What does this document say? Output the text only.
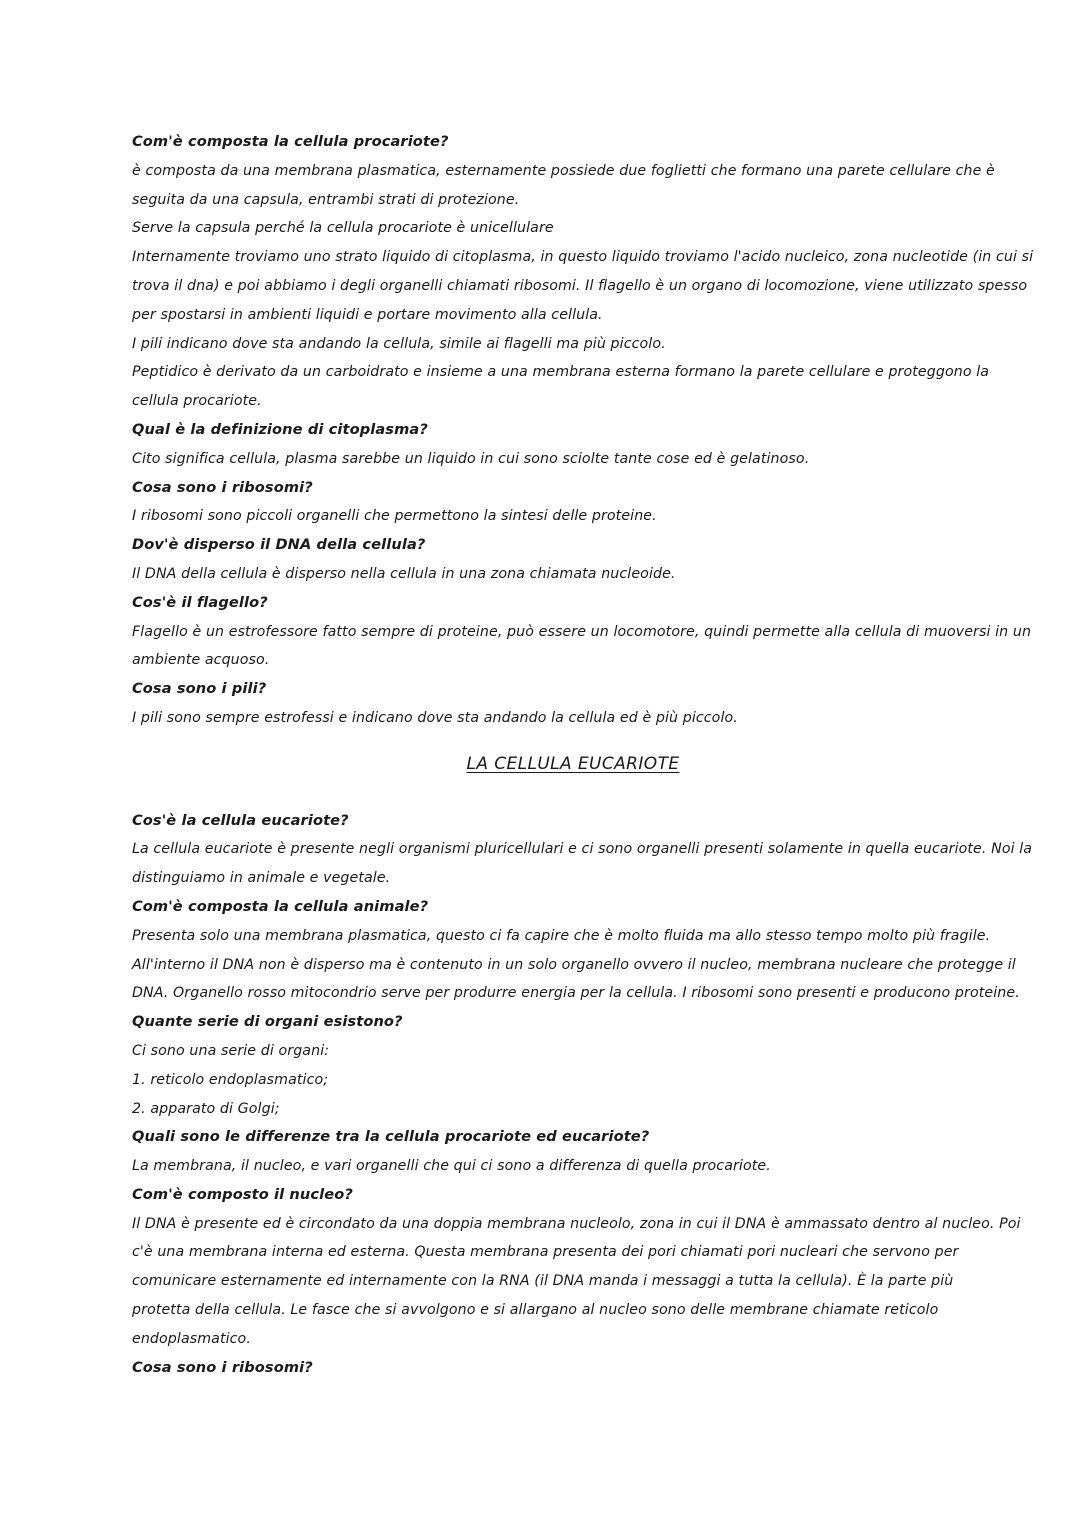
Com'è composta la cellula procariote?
è composta da una membrana plasmatica, esternamente possiede due foglietti che formano una parete cellulare che è
seguita da una capsula, entrambi strati di protezione.
Serve la capsula perché la cellula procariote è unicellulare
Internamente troviamo uno strato liquido di citoplasma, in questo liquido troviamo l'acido nucleico, zona nucleotide (in cui si
trova il dna) e poi abbiamo i degli organelli chiamati ribosomi. Il flagello è un organo di locomozione, viene utilizzato spesso
per spostarsi in ambienti liquidi e portare movimento alla cellula.
I pili indicano dove sta andando la cellula, simile ai flagelli ma più piccolo.
Peptidico è derivato da un carboidrato e insieme a una membrana esterna formano la parete cellulare e proteggono la
cellula procariote.
Qual è la definizione di citoplasma?
Cito significa cellula, plasma sarebbe un liquido in cui sono sciolte tante cose ed è gelatinoso.
Cosa sono i ribosomi?
I ribosomi sono piccoli organelli che permettono la sintesi delle proteine.
Dov'è disperso il DNA della cellula?
Il DNA della cellula è disperso nella cellula in una zona chiamata nucleoide.
Cos'è il flagello?
Flagello è un estrofessore fatto sempre di proteine, può essere un locomotore, quindi permette alla cellula di muoversi in un
ambiente acquoso.
Cosa sono i pili?
I pili sono sempre estrofessi e indicano dove sta andando la cellula ed è più piccolo.
LA CELLULA EUCARIOTE
Cos'è la cellula eucariote?
La cellula eucariote è presente negli organismi pluricellulari e ci sono organelli presenti solamente in quella eucariote. Noi la
distinguiamo in animale e vegetale.
Com'è composta la cellula animale?
Presenta solo una membrana plasmatica, questo ci fa capire che è molto fluida ma allo stesso tempo molto più fragile.
All'interno il DNA non è disperso ma è contenuto in un solo organello ovvero il nucleo, membrana nucleare che protegge il
DNA. Organello rosso mitocondrio serve per produrre energia per la cellula. I ribosomi sono presenti e producono proteine.
Quante serie di organi esistono?
Ci sono una serie di organi:
1. reticolo endoplasmatico;
2. apparato di Golgi;
Quali sono le differenze tra la cellula procariote ed eucariote?
La membrana, il nucleo, e vari organelli che qui ci sono a differenza di quella procariote.
Com'è composto il nucleo?
Il DNA è presente ed è circondato da una doppia membrana nucleolo, zona in cui il DNA è ammassato dentro al nucleo. Poi
c'è una membrana interna ed esterna. Questa membrana presenta dei pori chiamati pori nucleari che servono per
comunicare esternamente ed internamente con la RNA (il DNA manda i messaggi a tutta la cellula). È la parte più
protetta della cellula. Le fasce che si avvolgono e si allargano al nucleo sono delle membrane chiamate reticolo
endoplasmatico.
Cosa sono i ribosomi?
